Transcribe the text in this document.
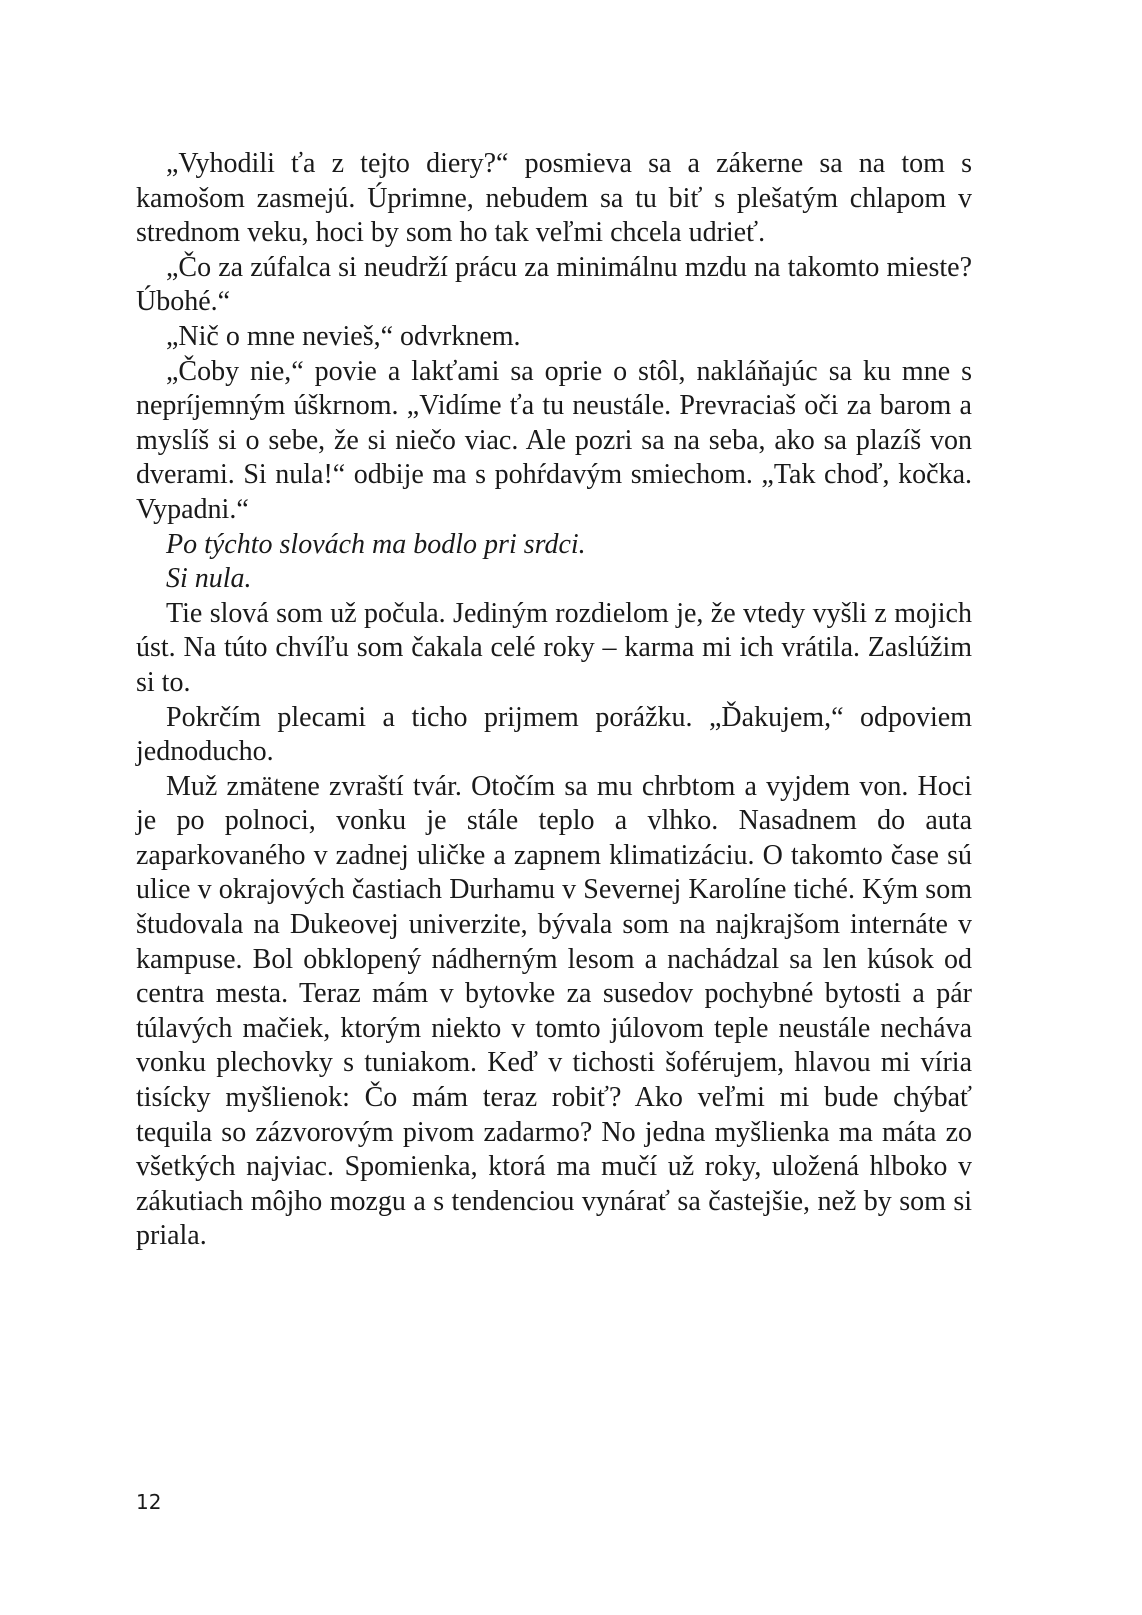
„Vyhodili ťa z tejto diery?“ posmieva sa a zákerne sa na tom s kamošom zasmejú. Úprimne, nebudem sa tu biť s plešatým chlapom v strednom veku, hoci by som ho tak veľmi chcela udrieť.

„Čo za zúfalca si neudrží prácu za minimálnu mzdu na takomto mieste? Úbohé.“

„Nič o mne nevieš,“ odvrknem.

„Čoby nie,“ povie a lakťami sa oprie o stôl, nakláňajúc sa ku mne s nepríjemným úškrnom. „Vidíme ťa tu neustále. Prevraciaš oči za barom a myslíš si o sebe, že si niečo viac. Ale pozri sa na seba, ako sa plazíš von dverami. Si nula!“ odbije ma s pohŕdavým smiechom. „Tak choď, kočka. Vypadni.“

Po týchto slovách ma bodlo pri srdci.

Si nula.

Tie slová som už počula. Jediným rozdielom je, že vtedy vyšli z mojich úst. Na túto chvíľu som čakala celé roky – karma mi ich vrátila. Zaslúžim si to.

Pokrčím plecami a ticho prijmem porážku. „Ďakujem,“ odpoviem jednoducho.

Muž zmätene zvraští tvár. Otočím sa mu chrbtom a vyjdem von. Hoci je po polnoci, vonku je stále teplo a vlhko. Nasadnem do auta zaparkovaného v zadnej uličke a zapnem klimatizáciu. O takomto čase sú ulice v okrajových častiach Durhamu v Severnej Karolíne tiché. Kým som študovala na Dukeovej univerzite, bývala som na najkrajšom internáte v kampuse. Bol obklopený nádherným lesom a nachádzal sa len kúsok od centra mesta. Teraz mám v bytovke za susedov pochybné bytosti a pár túlavých mačiek, ktorým niekto v tomto júlovom teple neustále necháva vonku plechovky s tuniakom. Keď v tichosti šoférujem, hlavou mi víria tisícky myšlienok: Čo mám teraz robiť? Ako veľmi mi bude chýbať tequila so zázvorovým pivom zadarmo? No jedna myšlienka ma máta zo všetkých najviac. Spomienka, ktorá ma mučí už roky, uložená hlboko v zákutiach môjho mozgu a s tendenciou vynárať sa častejšie, než by som si priala.

12
